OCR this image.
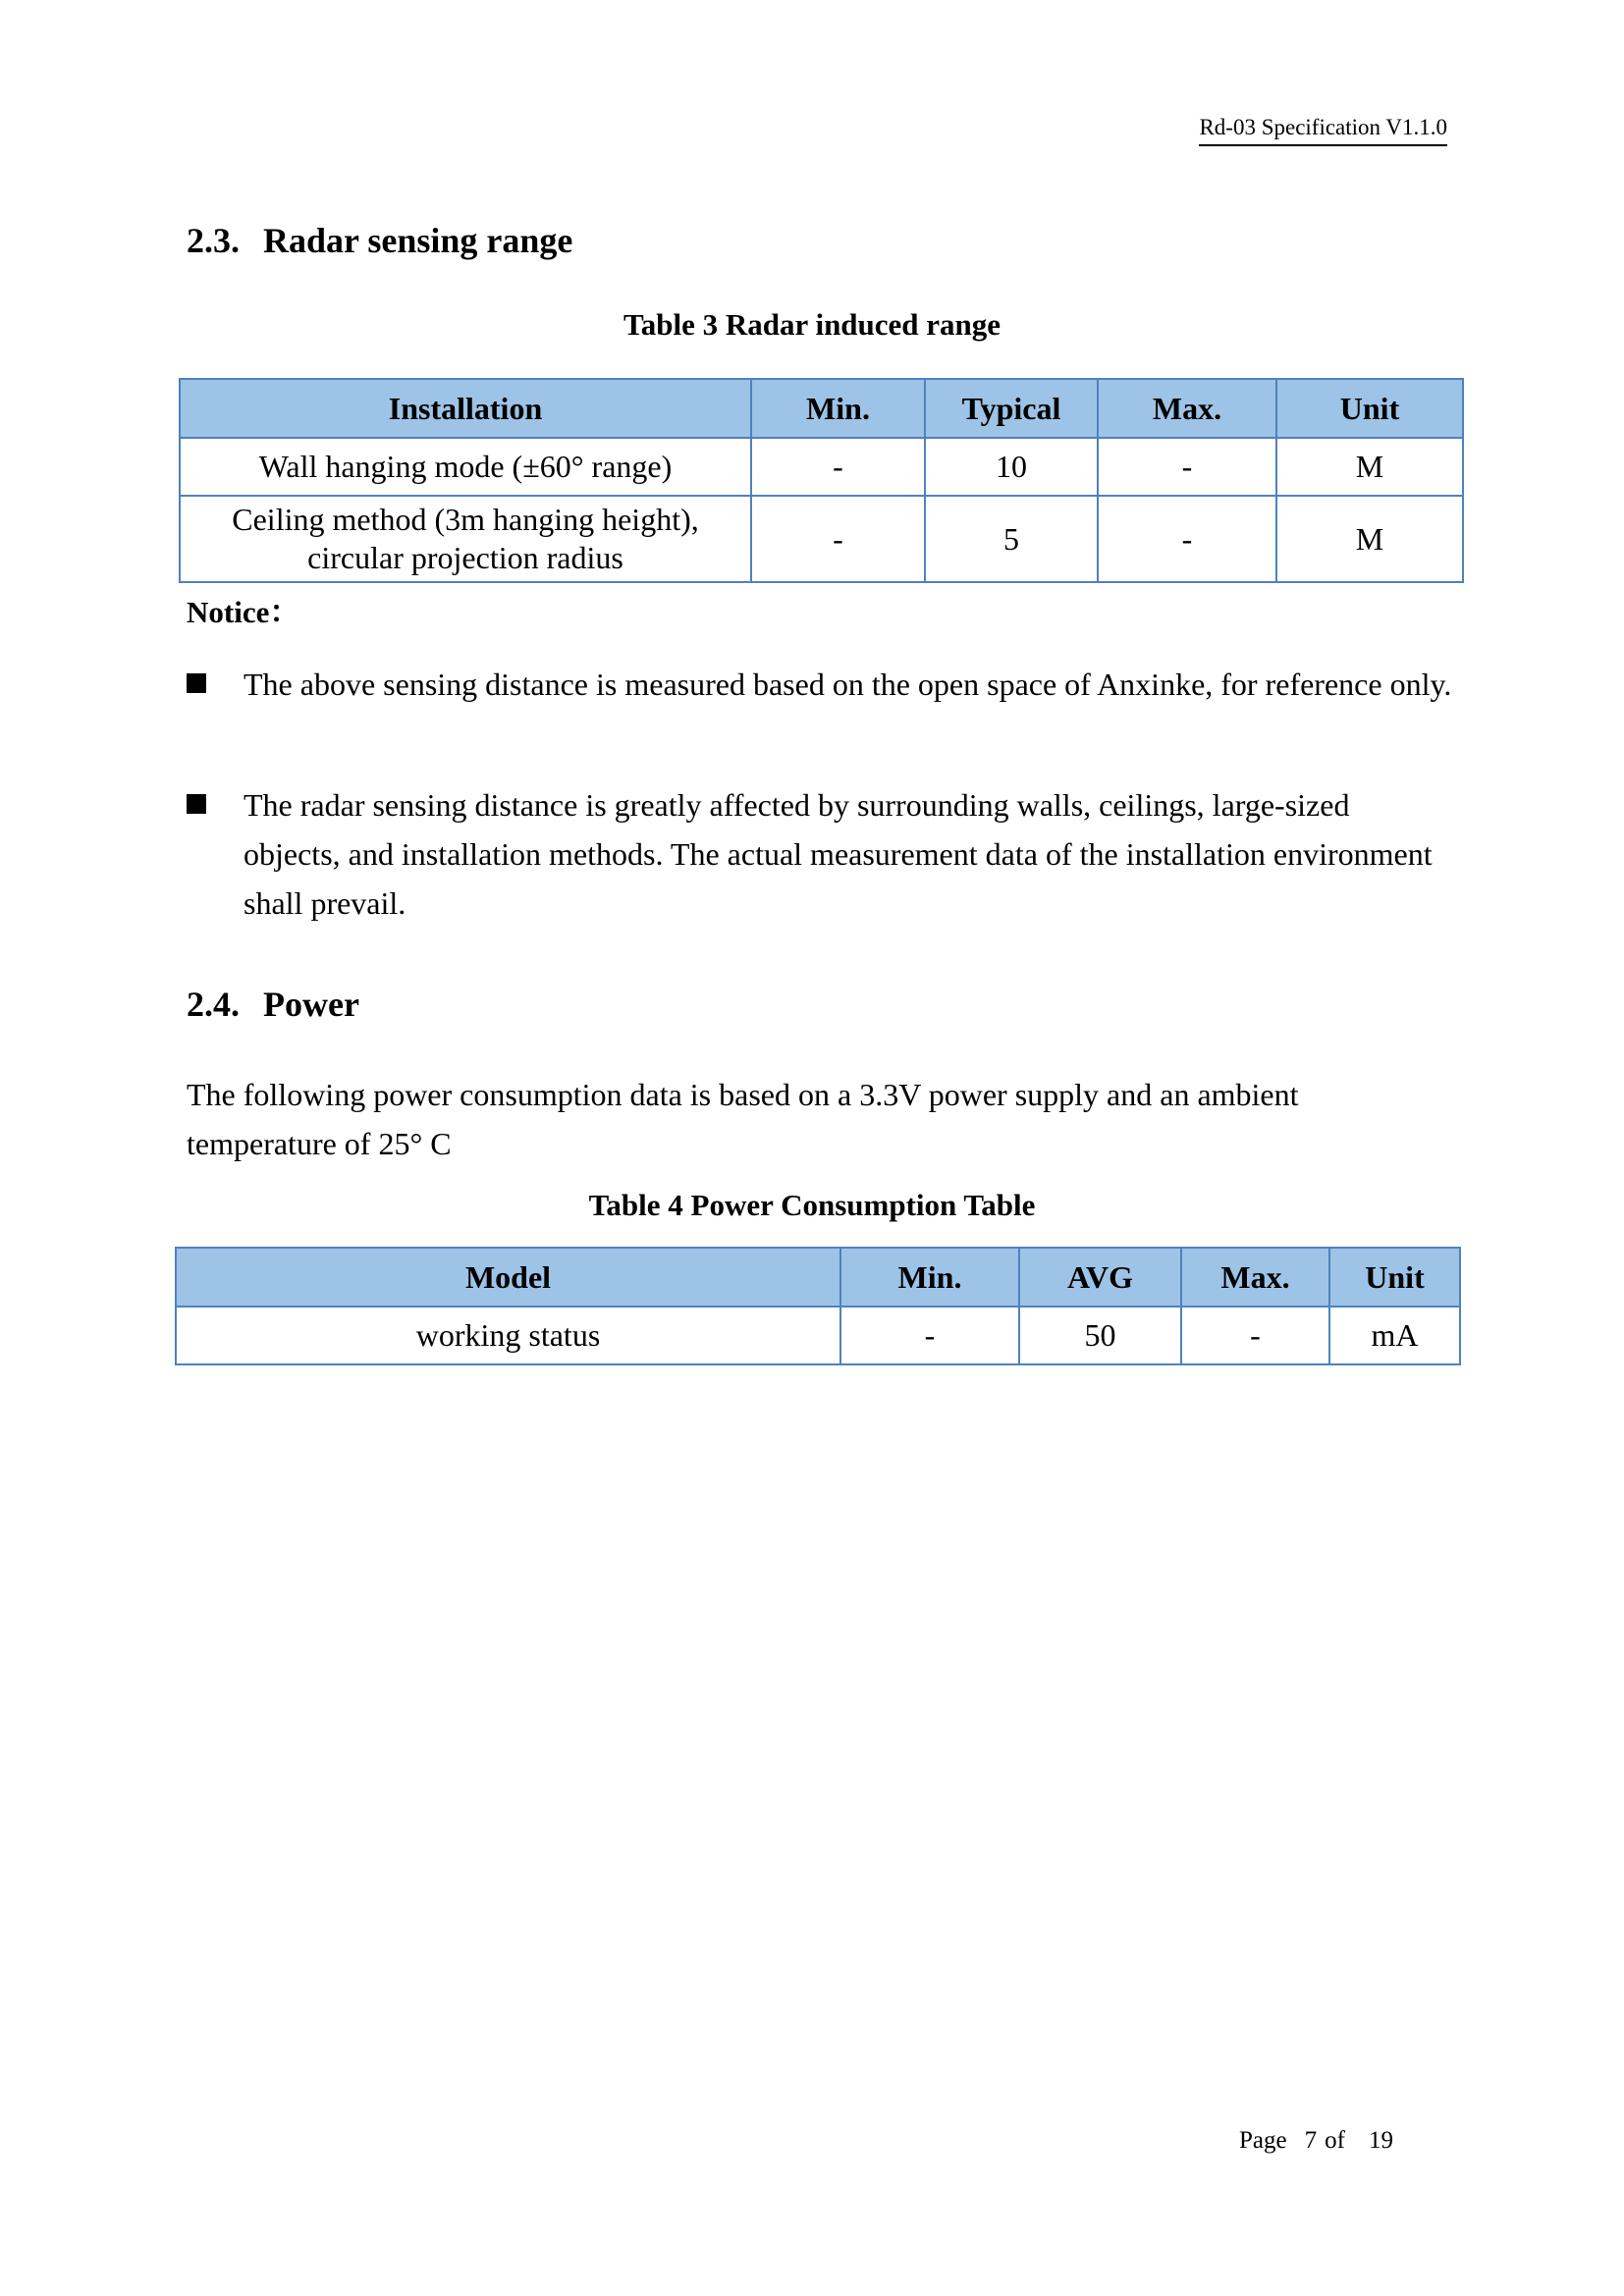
Rd-03 Specification V1.1.0
2.3. Radar sensing range
Table 3 Radar induced range
Installation	Min.	Typical	Max.	Unit
Wall hanging mode (±60° range)	-	10	-	M
Ceiling method (3m hanging height),
circular projection radius	-	5	-	M
Notice：
The above sensing distance is measured based on the open space of Anxinke, for reference only.
The radar sensing distance is greatly affected by surrounding walls, ceilings, large-sized objects, and installation methods. The actual measurement data of the installation environment shall prevail.
2.4. Power
The following power consumption data is based on a 3.3V power supply and an ambient temperature of 25° C
Table 4 Power Consumption Table
Model	Min.	AVG	Max.	Unit
working status	-	50	-	mA
Page 7 of 19
